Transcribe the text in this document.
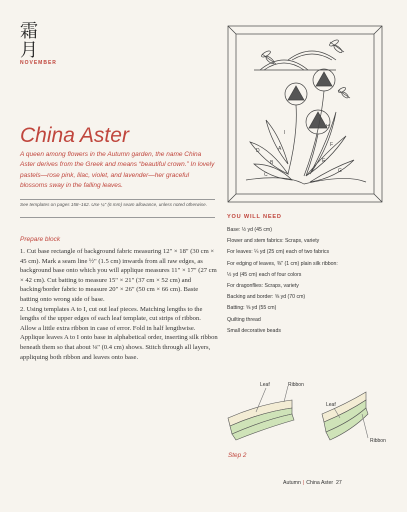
霜月
NOVEMBER
China Aster

A queen among flowers in the Autumn garden, the name China Aster derives from the Greek and means “beautiful crown.” In lovely pastels—rose pink, lilac, violet, and lavender—her graceful blossoms sway in the falling leaves.

See templates on pages 158–162. Use ¼" (6 mm) seam allowance, unless noted otherwise.

Prepare block

1. Cut base rectangle of background fabric measuring 12" × 18" (30 cm × 45 cm). Mark a seam line ½" (1.5 cm) inwards from all raw edges, as background base onto which you will applique measures 11" × 17" (27 cm × 42 cm). Cut batting to measure 15" × 21" (37 cm × 52 cm) and backing/border fabric to measure 20" × 26" (50 cm × 66 cm). Baste batting onto wrong side of base.

2. Using templates A to I, cut out leaf pieces. Matching lengths to the lengths of the upper edges of each leaf template, cut strips of ribbon. Allow a little extra ribbon in case of error. Fold in half lengthwise. Applique leaves A to I onto base in alphabetical order, inserting silk ribbon beneath them so that about ⅛" (0.4 cm) shows. Stitch through all layers, appliquing both ribbon and leaves onto base.

A
B
C
D
E
F
G
H
I
YOU WILL NEED
Base: ½ yd (45 cm)
Flower and stem fabrics: Scraps, variety
For leaves: ¼ yd (25 cm) each of two fabrics
For edging of leaves, ⅜" (1 cm) plain silk ribbon:
½ yd (45 cm) each of four colors
For dragonflies: Scraps, variety
Backing and border: ⅝ yd (70 cm)
Batting: ⅝ yd (55 cm)
Quilting thread
Small decorative beads
Leaf	Ribbon
Leaf
Ribbon
Step 2
Autumn | China Aster 27
